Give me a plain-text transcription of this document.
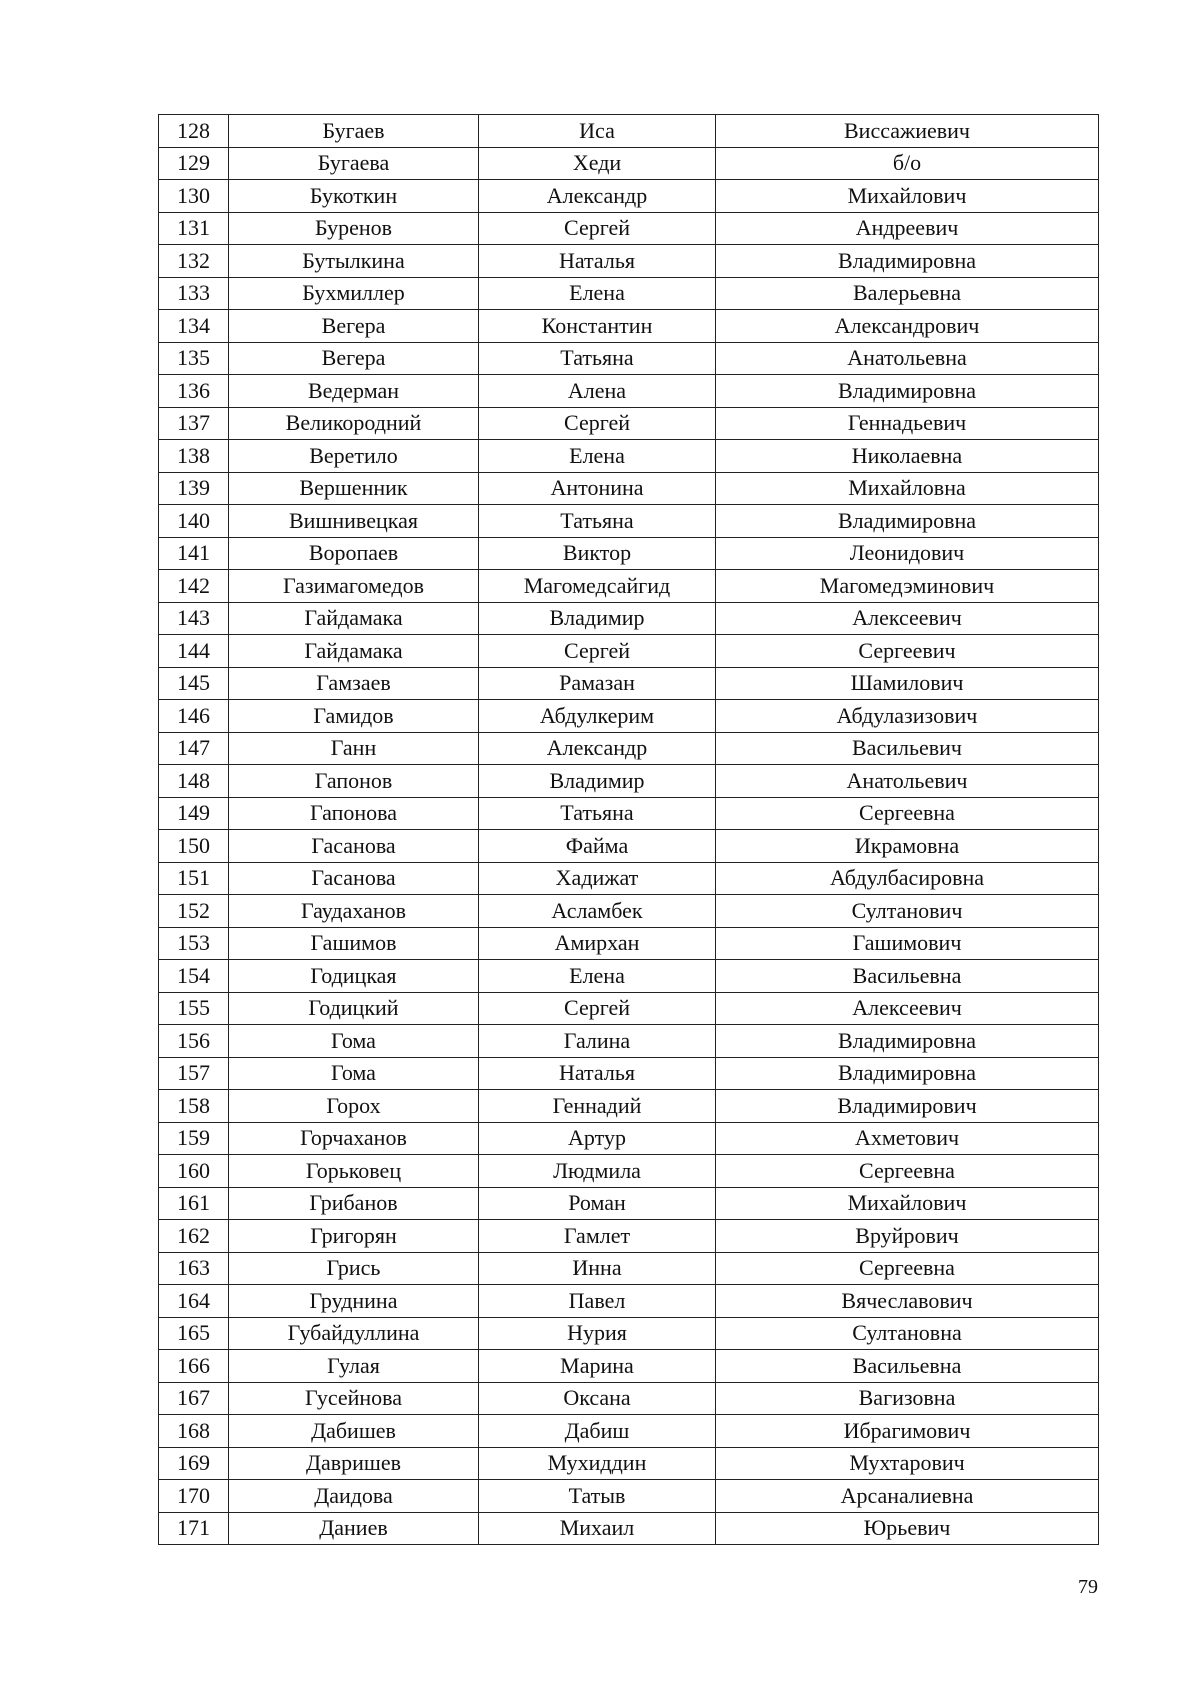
128	Бугаев	Иса	Виссажиевич
129	Бугаева	Хеди	б/о
130	Букоткин	Александр	Михайлович
131	Буренов	Сергей	Андреевич
132	Бутылкина	Наталья	Владимировна
133	Бухмиллер	Елена	Валерьевна
134	Вегера	Константин	Александрович
135	Вегера	Татьяна	Анатольевна
136	Ведерман	Алена	Владимировна
137	Великородний	Сергей	Геннадьевич
138	Веретило	Елена	Николаевна
139	Вершенник	Антонина	Михайловна
140	Вишнивецкая	Татьяна	Владимировна
141	Воропаев	Виктор	Леонидович
142	Газимагомедов	Магомедсайгид	Магомедэминович
143	Гайдамака	Владимир	Алексеевич
144	Гайдамака	Сергей	Сергеевич
145	Гамзаев	Рамазан	Шамилович
146	Гамидов	Абдулкерим	Абдулазизович
147	Ганн	Александр	Васильевич
148	Гапонов	Владимир	Анатольевич
149	Гапонова	Татьяна	Сергеевна
150	Гасанова	Файма	Икрамовна
151	Гасанова	Хадижат	Абдулбасировна
152	Гаудаханов	Асламбек	Султанович
153	Гашимов	Амирхан	Гашимович
154	Годицкая	Елена	Васильевна
155	Годицкий	Сергей	Алексеевич
156	Гома	Галина	Владимировна
157	Гома	Наталья	Владимировна
158	Горох	Геннадий	Владимирович
159	Горчаханов	Артур	Ахметович
160	Горьковец	Людмила	Сергеевна
161	Грибанов	Роман	Михайлович
162	Григорян	Гамлет	Вруйрович
163	Грись	Инна	Сергеевна
164	Груднина	Павел	Вячеславович
165	Губайдуллина	Нурия	Султановна
166	Гулая	Марина	Васильевна
167	Гусейнова	Оксана	Вагизовна
168	Дабишев	Дабиш	Ибрагимович
169	Давришев	Мухиддин	Мухтарович
170	Даидова	Татыв	Арсаналиевна
171	Даниев	Михаил	Юрьевич
79
